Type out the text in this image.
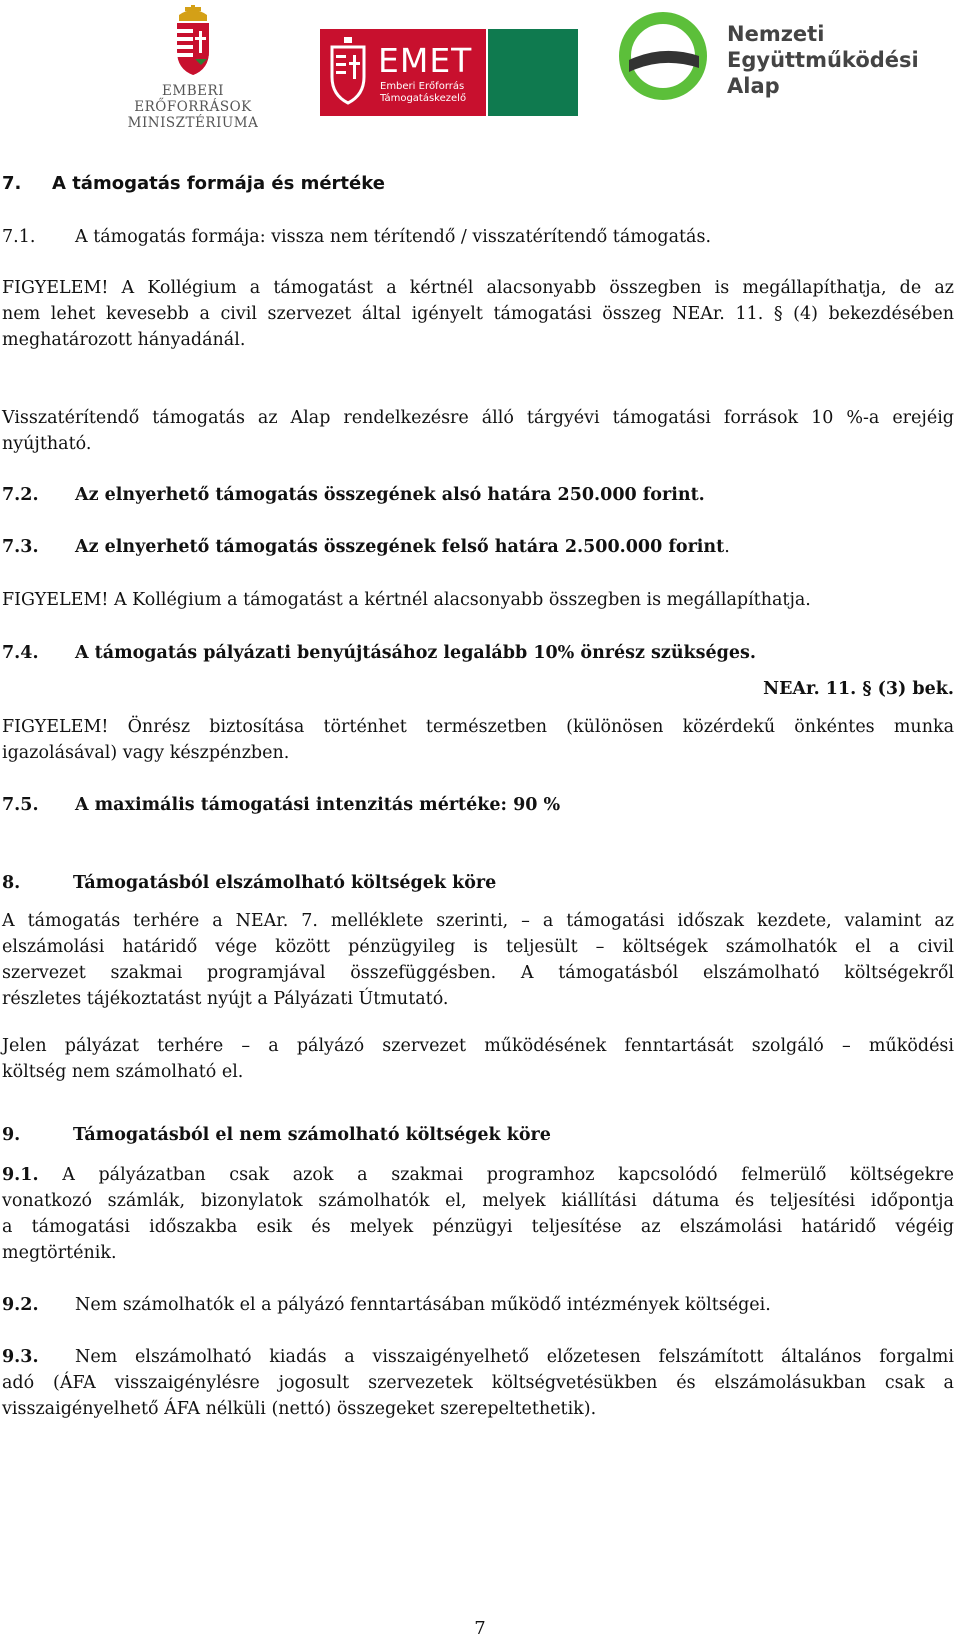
EMBERI ERŐFORRÁSOK
MINISZTÉRIUMA
EMET
Emberi Erőforrás
Támogatáskezelő
Nemzeti
Együttműködési
Alap
7. A támogatás formája és mértéke
7.1. A támogatás formája: vissza nem térítendő / visszatérítendő támogatás.
FIGYELEM! A Kollégium a támogatást a kértnél alacsonyabb összegben is megállapíthatja, de az
nem lehet kevesebb a civil szervezet által igényelt támogatási összeg NEAr. 11. § (4) bekezdésében
meghatározott hányadánál.
Visszatérítendő támogatás az Alap rendelkezésre álló tárgyévi támogatási források 10 %-a erejéig
nyújtható.
7.2. Az elnyerhető támogatás összegének alsó határa 250.000 forint.
7.3. Az elnyerhető támogatás összegének felső határa 2.500.000 forint.
FIGYELEM! A Kollégium a támogatást a kértnél alacsonyabb összegben is megállapíthatja.
7.4. A támogatás pályázati benyújtásához legalább 10% önrész szükséges.
NEAr. 11. § (3) bek.
FIGYELEM! Önrész biztosítása történhet természetben (különösen közérdekű önkéntes munka
igazolásával) vagy készpénzben.
7.5. A maximális támogatási intenzitás mértéke: 90 %
8.	Támogatásból elszámolható költségek köre
A támogatás terhére a NEAr. 7. melléklete szerinti, – a támogatási időszak kezdete, valamint az
elszámolási határidő vége között pénzügyileg is teljesült – költségek számolhatók el a civil
szervezet szakmai programjával összefüggésben. A támogatásból elszámolható költségekről
részletes tájékoztatást nyújt a Pályázati Útmutató.
Jelen pályázat terhére – a pályázó szervezet működésének fenntartását szolgáló – működési
költség nem számolható el.
9.	Támogatásból el nem számolható költségek köre
9.1. A pályázatban csak azok a szakmai programhoz kapcsolódó felmerülő költségekre
vonatkozó számlák, bizonylatok számolhatók el, melyek kiállítási dátuma és teljesítési időpontja
a támogatási időszakba esik és melyek pénzügyi teljesítése az elszámolási határidő végéig
megtörténik.
9.2. Nem számolhatók el a pályázó fenntartásában működő intézmények költségei.
9.3. Nem elszámolható kiadás a visszaigényelhető előzetesen felszámított általános forgalmi
adó (ÁFA visszaigénylésre jogosult szervezetek költségvetésükben és elszámolásukban csak a
visszaigényelhető ÁFA nélküli (nettó) összegeket szerepeltethetik).
7
